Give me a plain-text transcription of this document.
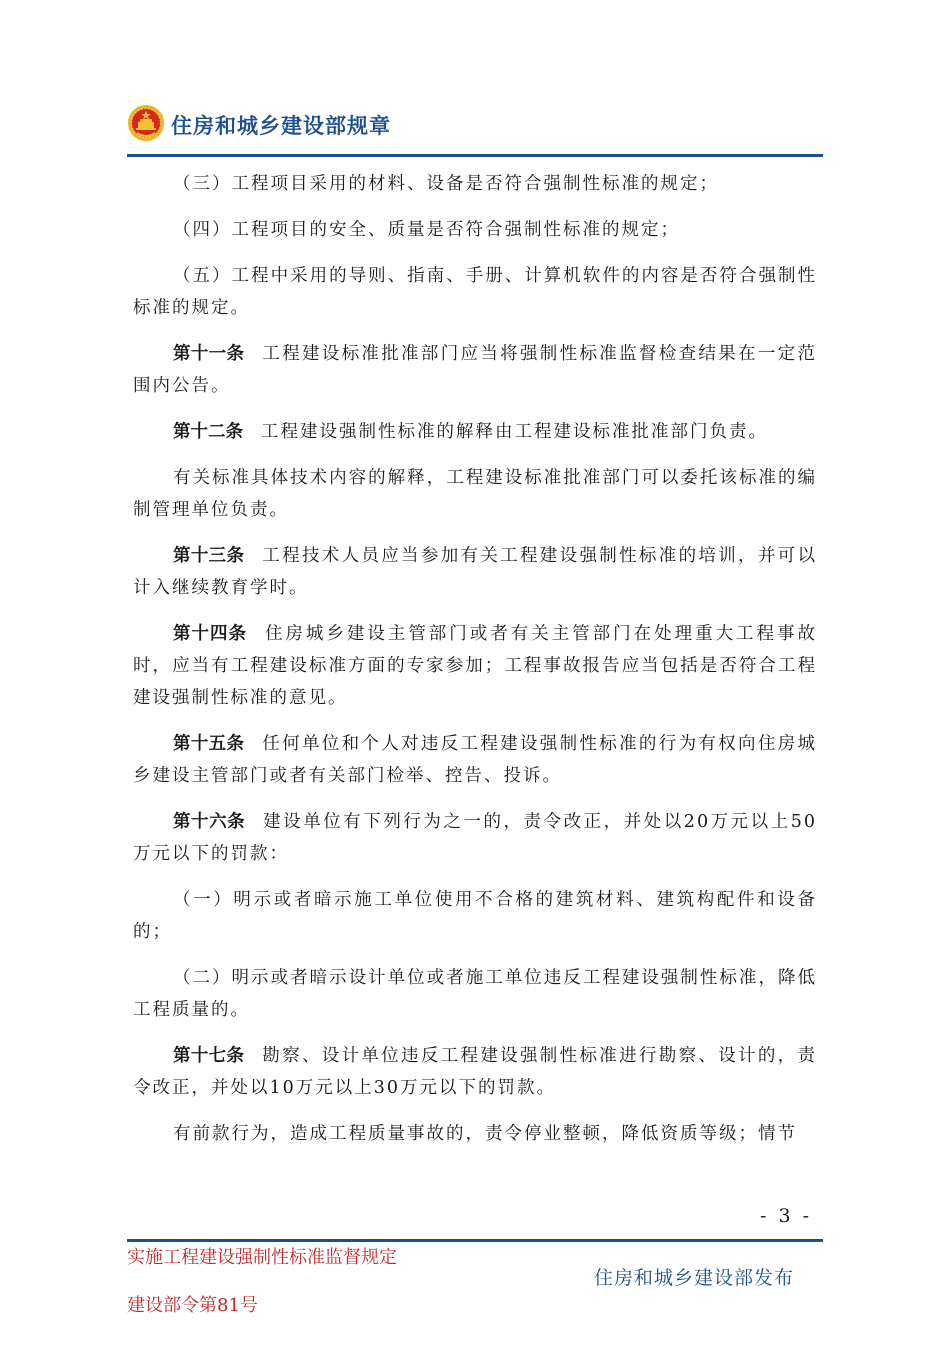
住房和城乡建设部规章

（三）工程项目采用的材料、设备是否符合强制性标准的规定；

（四）工程项目的安全、质量是否符合强制性标准的规定；

（五）工程中采用的导则、指南、手册、计算机软件的内容是否符合强制性标准的规定。

第十一条 工程建设标准批准部门应当将强制性标准监督检查结果在一定范围内公告。

第十二条 工程建设强制性标准的解释由工程建设标准批准部门负责。

有关标准具体技术内容的解释，工程建设标准批准部门可以委托该标准的编制管理单位负责。

第十三条 工程技术人员应当参加有关工程建设强制性标准的培训，并可以计入继续教育学时。

第十四条 住房城乡建设主管部门或者有关主管部门在处理重大工程事故时，应当有工程建设标准方面的专家参加；工程事故报告应当包括是否符合工程建设强制性标准的意见。

第十五条 任何单位和个人对违反工程建设强制性标准的行为有权向住房城乡建设主管部门或者有关部门检举、控告、投诉。

第十六条 建设单位有下列行为之一的，责令改正，并处以20万元以上50万元以下的罚款：

（一）明示或者暗示施工单位使用不合格的建筑材料、建筑构配件和设备的；

（二）明示或者暗示设计单位或者施工单位违反工程建设强制性标准，降低工程质量的。

第十七条 勘察、设计单位违反工程建设强制性标准进行勘察、设计的，责令改正，并处以10万元以上30万元以下的罚款。

有前款行为，造成工程质量事故的，责令停业整顿，降低资质等级；情节

- 3 -
实施工程建设强制性标准监督规定
建设部令第81号
住房和城乡建设部发布
